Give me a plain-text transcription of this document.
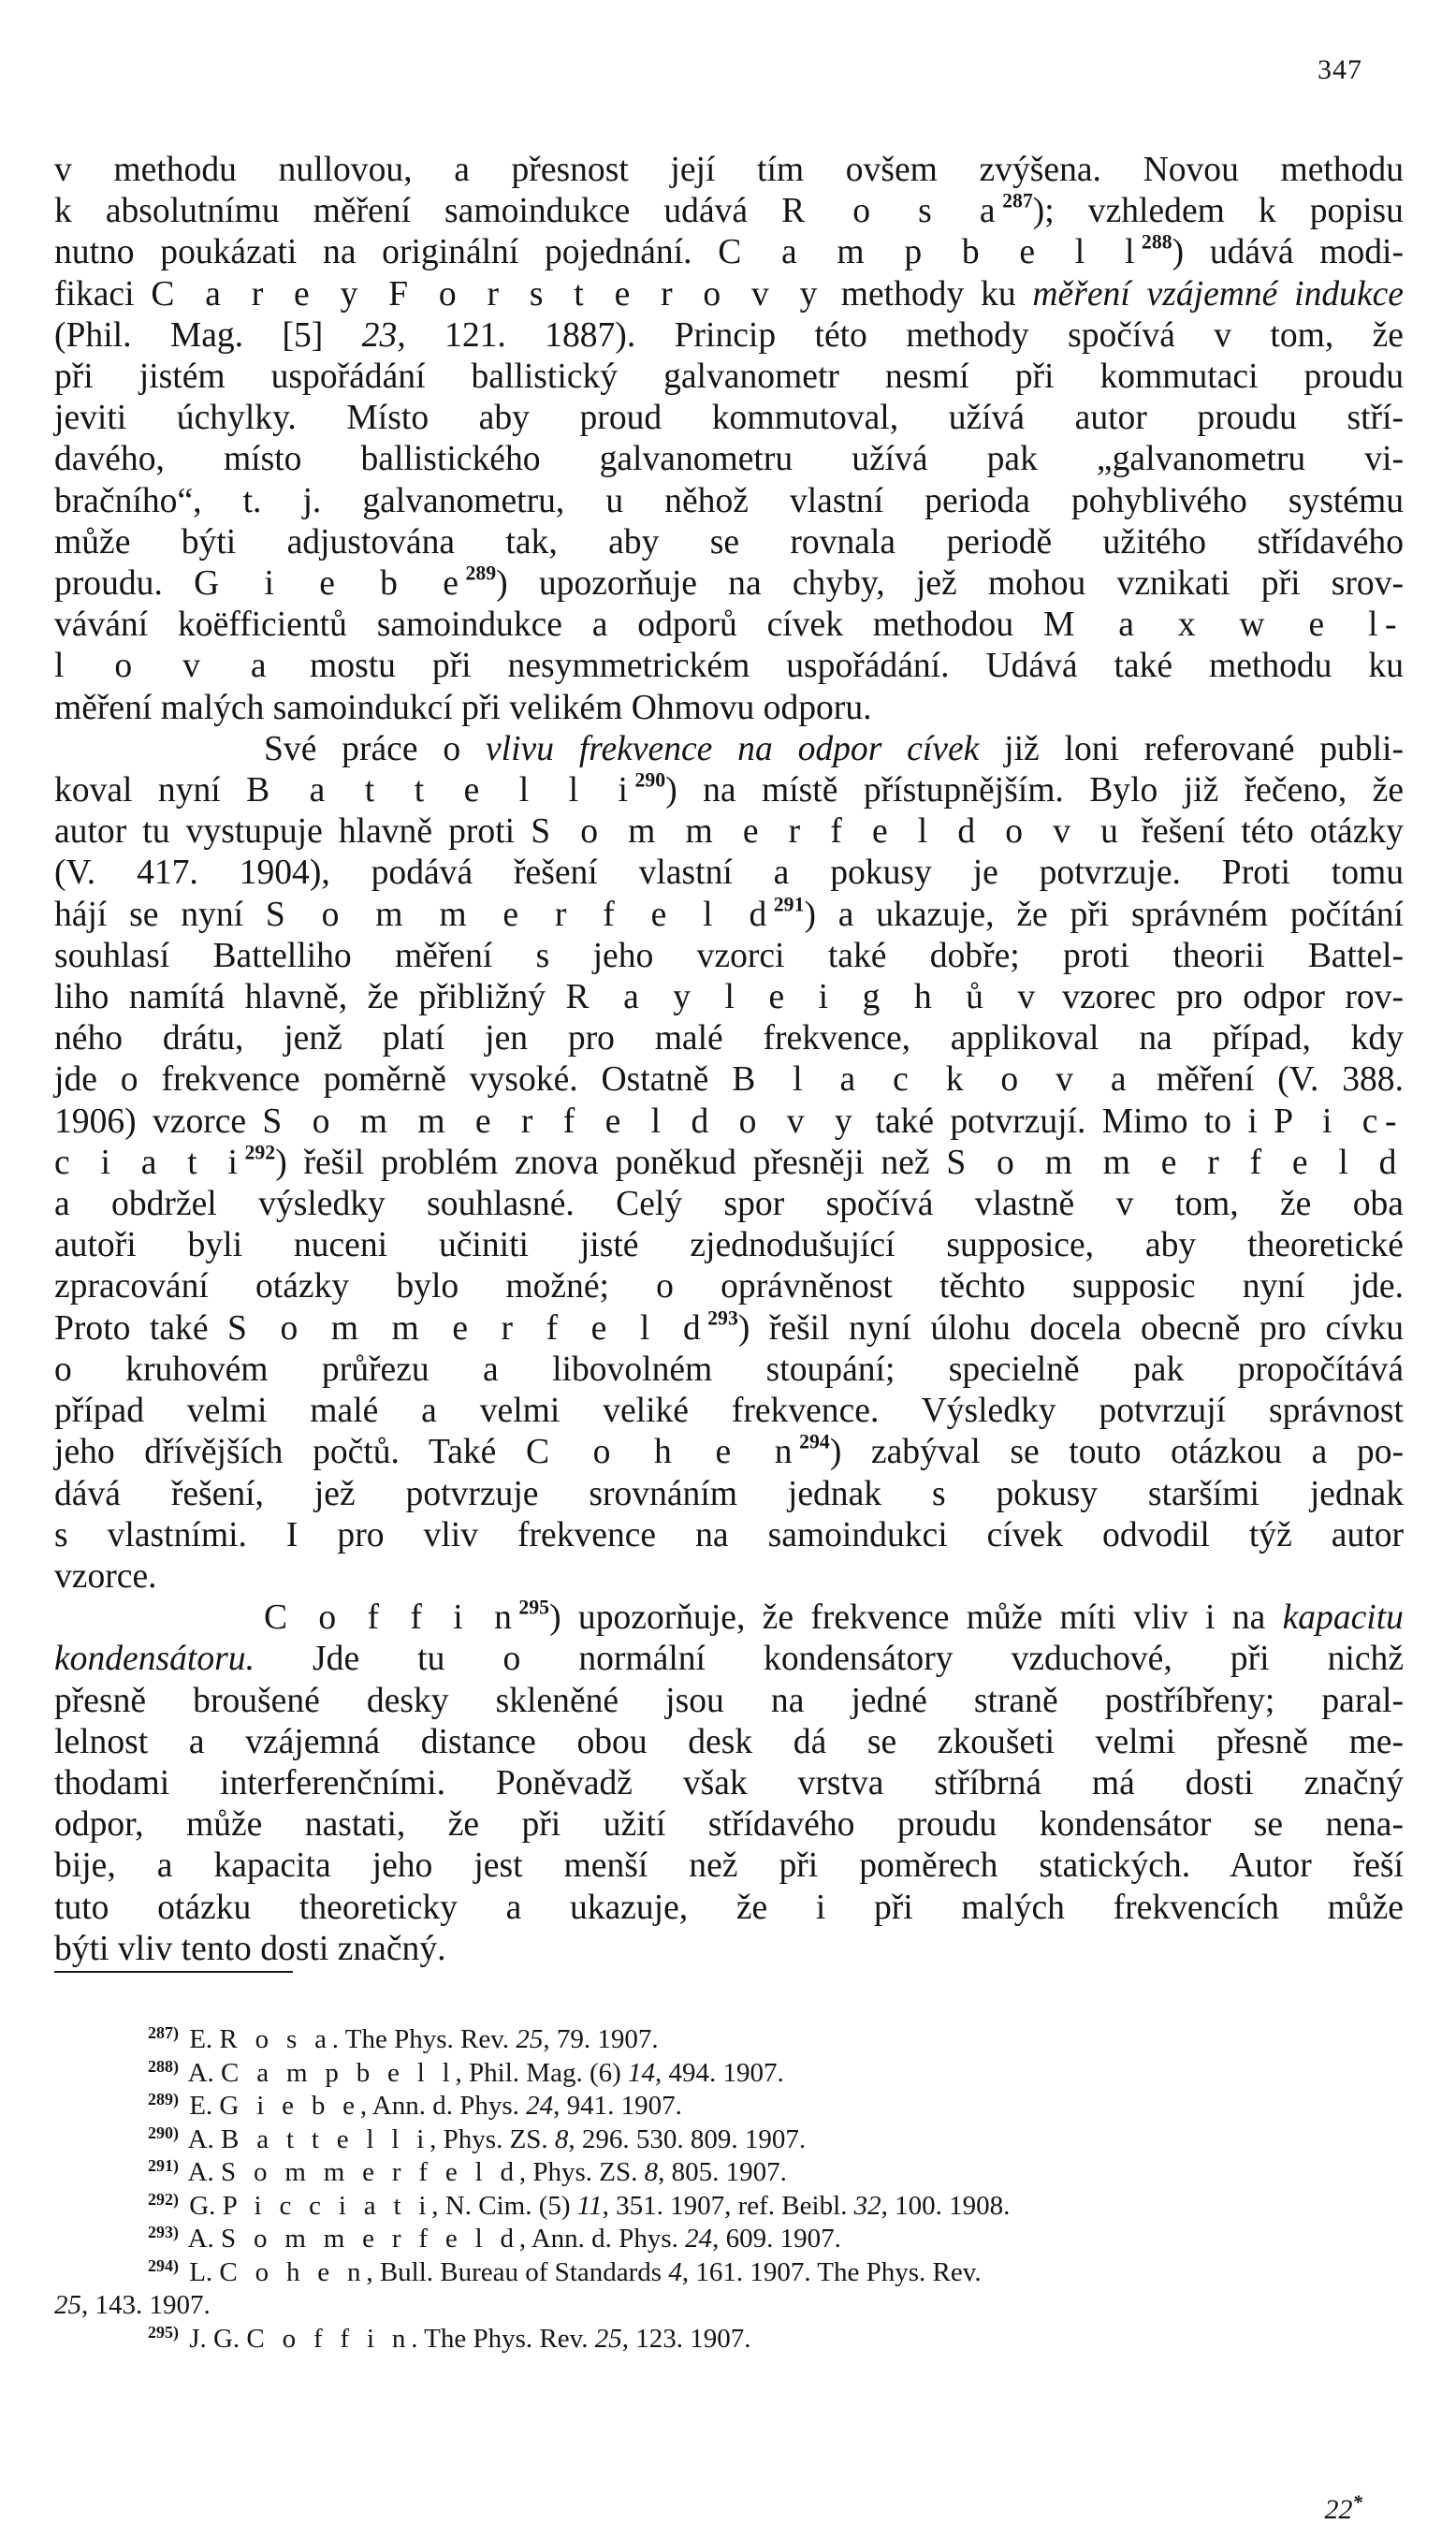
347
v methodu nullovou, a přesnost její tím ovšem zvýšena. Novou methodu
k absolutnímu měření samoindukce udává R o s $a^{287}$); vzhledem k popisu
nutno poukázati na originální pojednání. C a m p b e l $l^{288}$) udává modi-
fikaci C a r e y F o r s t e r o v y methody ku měření vzájemné indukce
(Phil. Mag. [5] 23, 121. 1887). Princip této methody spočívá v tom, že
při jistém uspořádání ballistický galvanometr nesmí při kommutaci proudu
jeviti úchylky. Místo aby proud kommutoval, užívá autor proudu stří-
davého, místo ballistického galvanometru užívá pak „galvanometru vi-
bračního“, t. j. galvanometru, u něhož vlastní perioda pohyblivého systému
může býti adjustována tak, aby se rovnala periodě užitého střídavého
proudu. G i e b $e^{289}$) upozorňuje na chyby, jež mohou vznikati při srov-
vávání koëfficientů samoindukce a odporů cívek methodou M a x w e l-
l o v a mostu při nesymmetrickém uspořádání. Udává také methodu ku
měření malých samoindukcí při velikém Ohmovu odporu.
Své práce o vlivu frekvence na odpor cívek již loni referované publi-
koval nyní B a t t e l l $i^{290}$) na místě přístupnějším. Bylo již řečeno, že
autor tu vystupuje hlavně proti S o m m e r f e l d o v u řešení této otázky
(V. 417. 1904), podává řešení vlastní a pokusy je potvrzuje. Proti tomu
hájí se nyní S o m m e r f e l $d^{291}$) a ukazuje, že při správném počítání
souhlasí Battelliho měření s jeho vzorci také dobře; proti theorii Battel-
liho namítá hlavně, že přibližný R a y l e i g h ů v vzorec pro odpor rov-
ného drátu, jenž platí jen pro malé frekvence, applikoval na případ, kdy
jde o frekvence poměrně vysoké. Ostatně B l a c k o v a měření (V. 388.
1906) vzorce S o m m e r f e l d o v y také potvrzují. Mimo to i P i c-
c i a t $i^{292}$) řešil problém znova poněkud přesněji než S o m m e r f e l d
a obdržel výsledky souhlasné. Celý spor spočívá vlastně v tom, že oba
autoři byli nuceni učiniti jisté zjednodušující supposice, aby theoretické
zpracování otázky bylo možné; o oprávněnost těchto supposic nyní jde.
Proto také S o m m e r f e l $d^{293}$) řešil nyní úlohu docela obecně pro cívku
o kruhovém průřezu a libovolném stoupání; specielně pak propočítává
případ velmi malé a velmi veliké frekvence. Výsledky potvrzují správnost
jeho dřívějších počtů. Také C o h e $n^{294}$) zabýval se touto otázkou a po-
dává řešení, jež potvrzuje srovnáním jednak s pokusy staršími jednak
s vlastními. I pro vliv frekvence na samoindukci cívek odvodil týž autor
vzorce.
C o f f i $n^{295}$) upozorňuje, že frekvence může míti vliv i na kapacitu
kondensátoru. Jde tu o normální kondensátory vzduchové, při nichž
přesně broušené desky skleněné jsou na jedné straně postříbřeny; paral-
lelnost a vzájemná distance obou desk dá se zkoušeti velmi přesně me-
thodami interferenčními. Poněvadž však vrstva stříbrná má dosti značný
odpor, může nastati, že při užití střídavého proudu kondensátor se nena-
bije, a kapacita jeho jest menší než při poměrech statických. Autor řeší
tuto otázku theoreticky a ukazuje, že i při malých frekvencích může
býti vliv tento dosti značný.
$^{287)}$ E. R o s a. The Phys. Rev. 25, 79. 1907.
$^{288)}$ A. C a m p b e l l, Phil. Mag. (6) 14, 494. 1907.
$^{289)}$ E. G i e b e, Ann. d. Phys. 24, 941. 1907.
$^{290)}$ A. B a t t e l l i, Phys. ZS. 8, 296. 530. 809. 1907.
$^{291)}$ A. S o m m e r f e l d, Phys. ZS. 8, 805. 1907.
$^{292)}$ G. P i c c i a t i, N. Cim. (5) 11, 351. 1907, ref. Beibl. 32, 100. 1908.
$^{293)}$ A. S o m m e r f e l d, Ann. d. Phys. 24, 609. 1907.
$^{294)}$ L. C o h e n, Bull. Bureau of Standards 4, 161. 1907. The Phys. Rev.
25, 143. 1907.
$^{295)}$ J. G. C o f f i n. The Phys. Rev. 25, 123. 1907.
22*
